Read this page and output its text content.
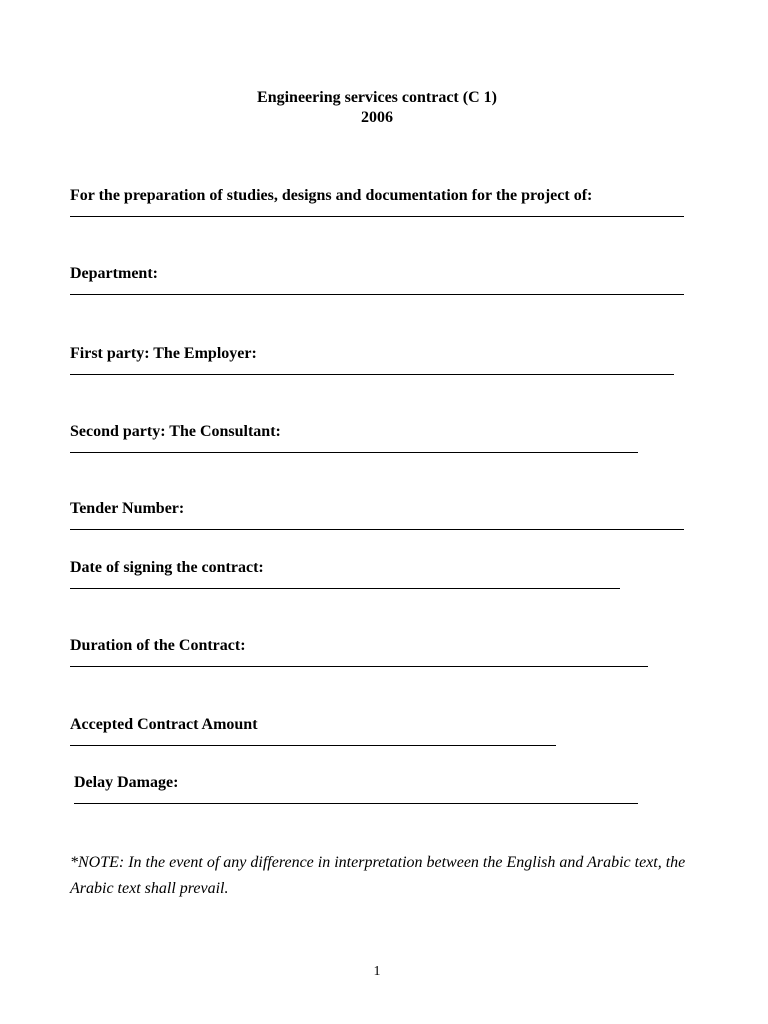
Engineering services contract (C 1)
2006
For the preparation of studies, designs and documentation for the project of:
Department:
First party: The Employer:
Second party: The Consultant:
Tender Number:
Date of signing the contract:
Duration of the Contract:
Accepted Contract Amount
Delay Damage:
*NOTE: In the event of any difference in interpretation between the English and Arabic text, the Arabic text shall prevail.
1
